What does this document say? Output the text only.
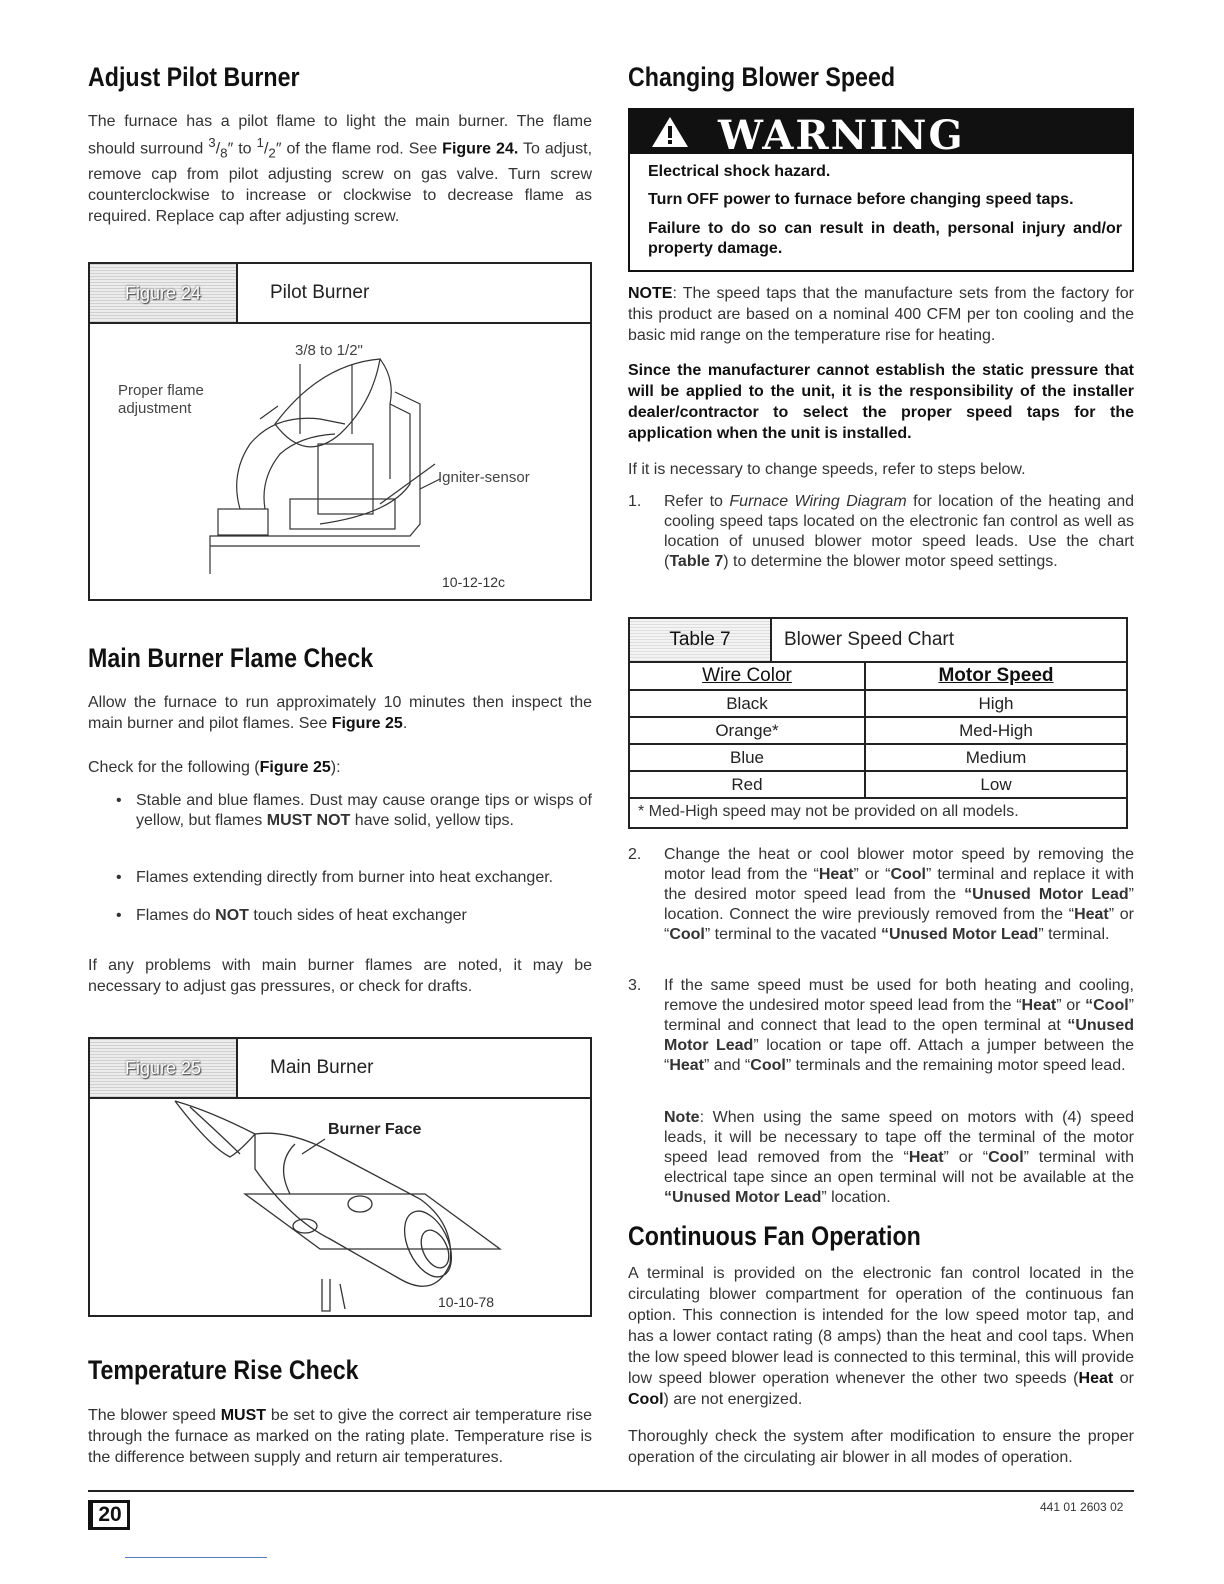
Adjust Pilot Burner

The furnace has a pilot flame to light the main burner. The flame should surround $^3/_8''$ to $^1/_2''$ of the flame rod. See Figure 24. To adjust, remove cap from pilot adjusting screw on gas valve. Turn screw counterclockwise to increase or clockwise to decrease flame as required. Replace cap after adjusting screw.

Figure 24	Pilot Burner
3/8 to 1/2"
Proper flame
adjustment
Igniter-sensor
10-12-12c
Main Burner Flame Check

Allow the furnace to run approximately 10 minutes then inspect the main burner and pilot flames. See Figure 25.

Check for the following (Figure 25):

• Stable and blue flames. Dust may cause orange tips or wisps of yellow, but flames MUST NOT have solid, yellow tips.
• Flames extending directly from burner into heat exchanger.
• Flames do NOT touch sides of heat exchanger

If any problems with main burner flames are noted, it may be necessary to adjust gas pressures, or check for drafts.

Figure 25	Main Burner
Burner Face
10-10-78
Temperature Rise Check

The blower speed MUST be set to give the correct air temperature rise through the furnace as marked on the rating plate. Temperature rise is the difference between supply and return air temperatures.

Changing Blower Speed
WARNING
Electrical shock hazard.
Turn OFF power to furnace before changing speed taps.
Failure to do so can result in death, personal injury and/or property damage.

NOTE: The speed taps that the manufacture sets from the factory for this product are based on a nominal 400 CFM per ton cooling and the basic mid range on the temperature rise for heating.

Since the manufacturer cannot establish the static pressure that will be applied to the unit, it is the responsibility of the installer dealer/contractor to select the proper speed taps for the application when the unit is installed.

If it is necessary to change speeds, refer to steps below.

1. Refer to Furnace Wiring Diagram for location of the heating and cooling speed taps located on the electronic fan control as well as location of unused blower motor speed leads. Use the chart (Table 7) to determine the blower motor speed settings.
Table 7	Blower Speed Chart
Wire Color	Motor Speed
Black	High
Orange*	Med-High
Blue	Medium
Red	Low
* Med-High speed may not be provided on all models.
2. Change the heat or cool blower motor speed by removing the motor lead from the “Heat” or “Cool” terminal and replace it with the desired motor speed lead from the “Unused Motor Lead” location. Connect the wire previously removed from the “Heat” or “Cool” terminal to the vacated “Unused Motor Lead” terminal.
3. If the same speed must be used for both heating and cooling, remove the undesired motor speed lead from the “Heat” or “Cool” terminal and connect that lead to the open terminal at “Unused Motor Lead” location or tape off. Attach a jumper between the “Heat” and “Cool” terminals and the remaining motor speed lead.
Note: When using the same speed on motors with (4) speed leads, it will be necessary to tape off the terminal of the motor speed lead removed from the “Heat” or “Cool” terminal with electrical tape since an open terminal will not be available at the “Unused Motor Lead” location.
Continuous Fan Operation

A terminal is provided on the electronic fan control located in the circulating blower compartment for operation of the continuous fan option. This connection is intended for the low speed motor tap, and has a lower contact rating (8 amps) than the heat and cool taps. When the low speed blower lead is connected to this terminal, this will provide low speed blower operation whenever the other two speeds (Heat or Cool) are not energized.

Thoroughly check the system after modification to ensure the proper operation of the circulating air blower in all modes of operation.

20	441 01 2603 02
